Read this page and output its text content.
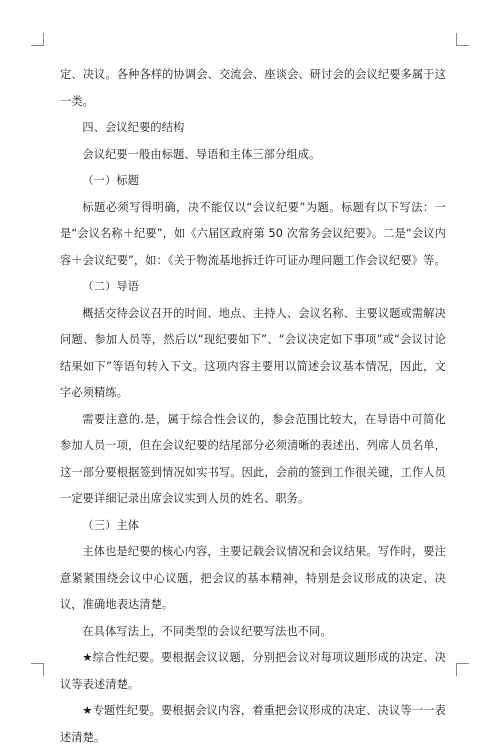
定、决议。各种各样的协调会、交流会、座谈会、研讨会的会议纪要多属于这一类。

四、会议纪要的结构

会议纪要一般由标题、导语和主体三部分组成。

（一）标题

标题必须写得明确，决不能仅以“会议纪要”为题。标题有以下写法：一是“会议名称＋纪要”，如《六届区政府第 50 次常务会议纪要》。二是“会议内容＋会议纪要”，如：《关于物流基地拆迁许可证办理问题工作会议纪要》等。

（二）导语

概括交待会议召开的时间、地点、主持人、会议名称、主要议题或需解决问题、参加人员等，然后以“现纪要如下”、“会议决定如下事项”或“会议讨论结果如下”等语句转入下文。这项内容主要用以简述会议基本情况，因此，文字必须精练。

需要注意的.是，属于综合性会议的，参会范围比较大，在导语中可简化参加人员一项，但在会议纪要的结尾部分必须清晰的表述出、列席人员名单，这一部分要根据签到情况如实书写。因此，会前的签到工作很关键，工作人员一定要详细记录出席会议实到人员的姓名、职务。

（三）主体

主体也是纪要的核心内容，主要记载会议情况和会议结果。写作时，要注意紧紧围绕会议中心议题，把会议的基本精神，特别是会议形成的决定、决议，准确地表达清楚。

在具体写法上，不同类型的会议纪要写法也不同。

★综合性纪要。要根据会议议题，分别把会议对每项议题形成的决定、决议等表述清楚。

★专题性纪要。要根据会议内容，着重把会议形成的决定、决议等一一表述清楚。
